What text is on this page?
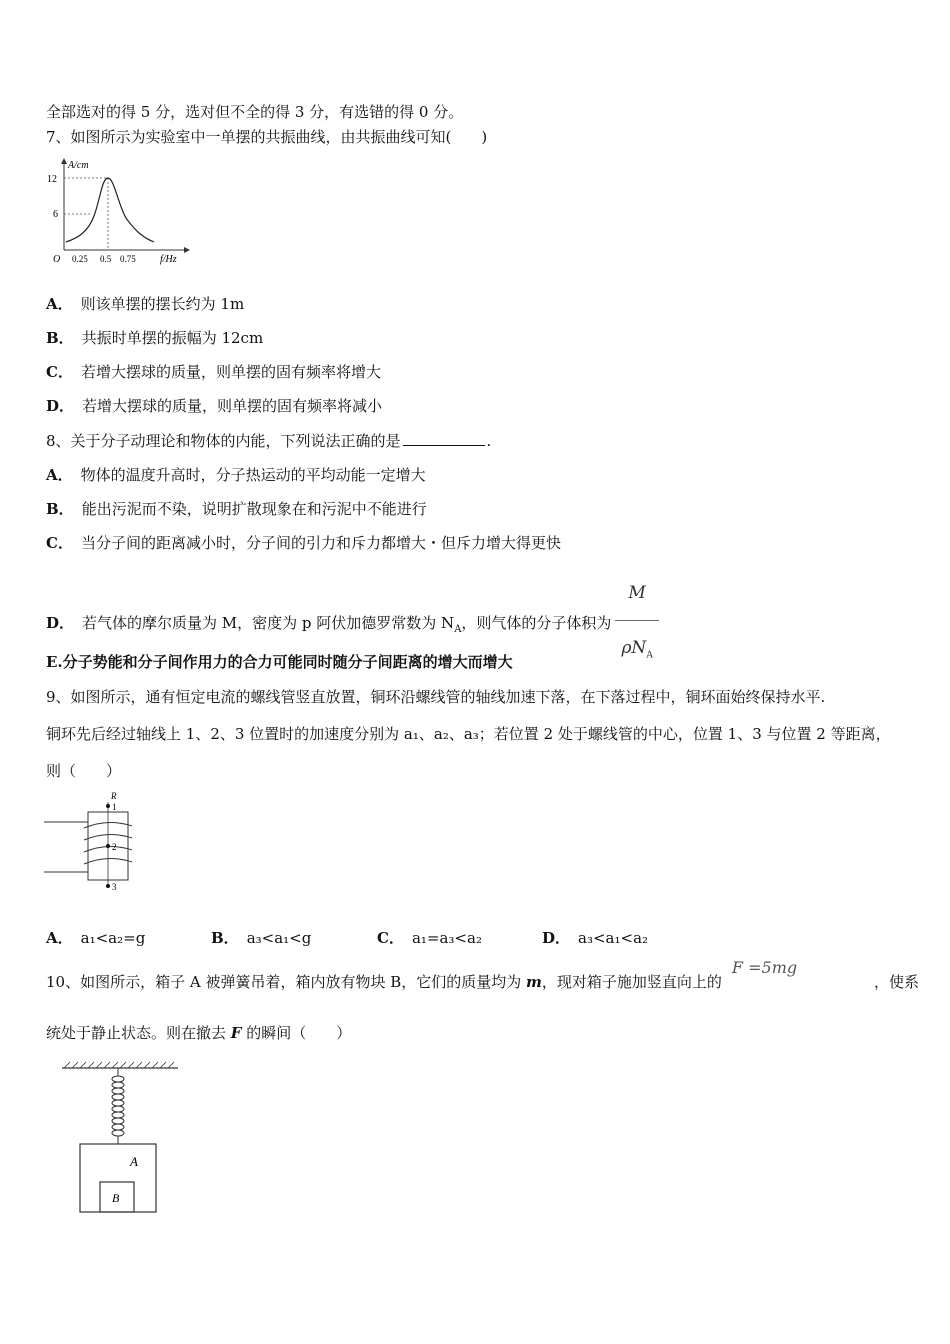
全部选对的得 5 分，选对但不全的得 3 分，有选错的得 0 分。
7、如图所示为实验室中一单摆的共振曲线，由共振曲线可知(　　)
A/cm
12
6
O 0.25 0.5 0.75 f/Hz
A． 则该单摆的摆长约为 1m
B． 共振时单摆的振幅为 12cm
C． 若增大摆球的质量，则单摆的固有频率将增大
D． 若增大摆球的质量，则单摆的固有频率将减小
8、关于分子动理论和物体的内能，下列说法正确的是	.
A． 物体的温度升高时，分子热运动的平均动能一定增大
B． 能出污泥而不染，说明扩散现象在和污泥中不能进行
C． 当分子间的距离减小时，分子间的引力和斥力都增大・但斥力增大得更快
D． 若气体的摩尔质量为 M，密度为 p 阿伏加德罗常数为 $N_A$，则气体的分子体积为 $\frac{M}{\rho N_A}$
E.分子势能和分子间作用力的合力可能同时随分子间距离的增大而增大
9、如图所示，通有恒定电流的螺线管竖直放置，铜环沿螺线管的轴线加速下落，在下落过程中，铜环面始终保持水平.
铜环先后经过轴线上 1、2、3 位置时的加速度分别为 a₁、a₂、a₃；若位置 2 处于螺线管的中心，位置 1、3 与位置 2 等距离，
则（　　）
R
1
2
3
A． a₁<a₂=g	B． a₃<a₁<g	C． a₁=a₃<a₂	D． a₃<a₁<a₂
10、如图所示，箱子 A 被弹簧吊着，箱内放有物块 B，它们的质量均为 m，现对箱子施加竖直向上的F =5mg
，使系
统处于静止状态。则在撤去 F 的瞬间（　　）
A
B
